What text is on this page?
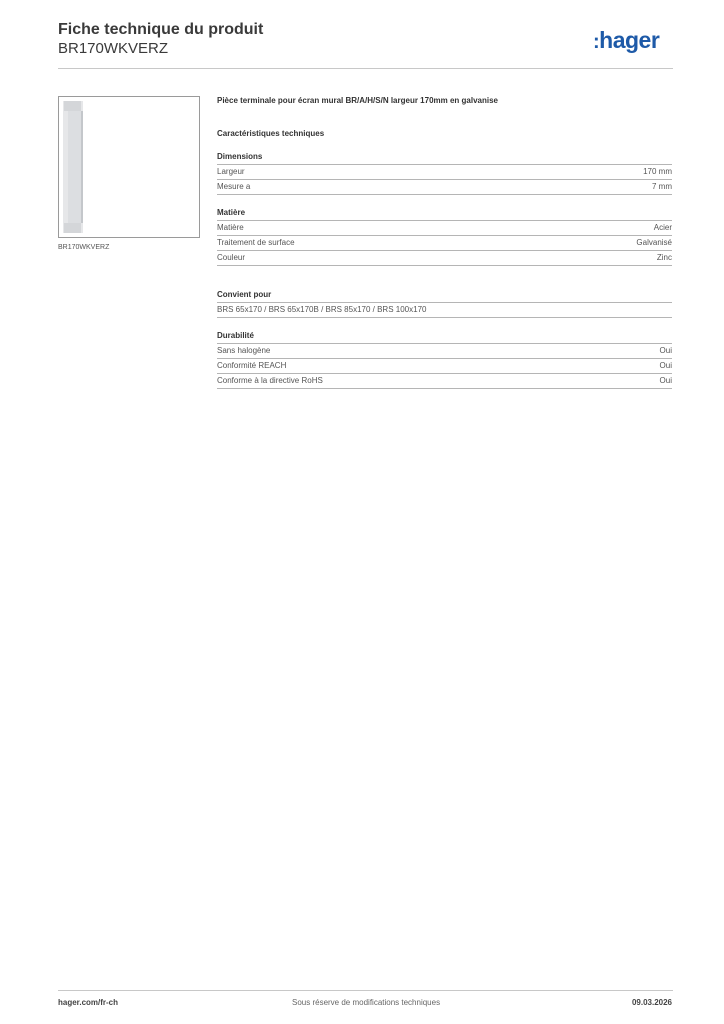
Fiche technique du produit
BR170WKVERZ	:hager
BR170WKVERZ
Pièce terminale pour écran mural BR/A/H/S/N largeur 170mm en galvanise
Caractéristiques techniques
Dimensions
Largeur	170 mm
Mesure a	7 mm
Matière
Matière	Acier
Traitement de surface	Galvanisé
Couleur	Zinc
Convient pour
BRS 65x170 / BRS 65x170B / BRS 85x170 / BRS 100x170
Durabilité
Sans halogène	Oui
Conformité REACH	Oui
Conforme à la directive RoHS	Oui
hager.com/fr-ch	Sous réserve de modifications techniques	09.03.2026
